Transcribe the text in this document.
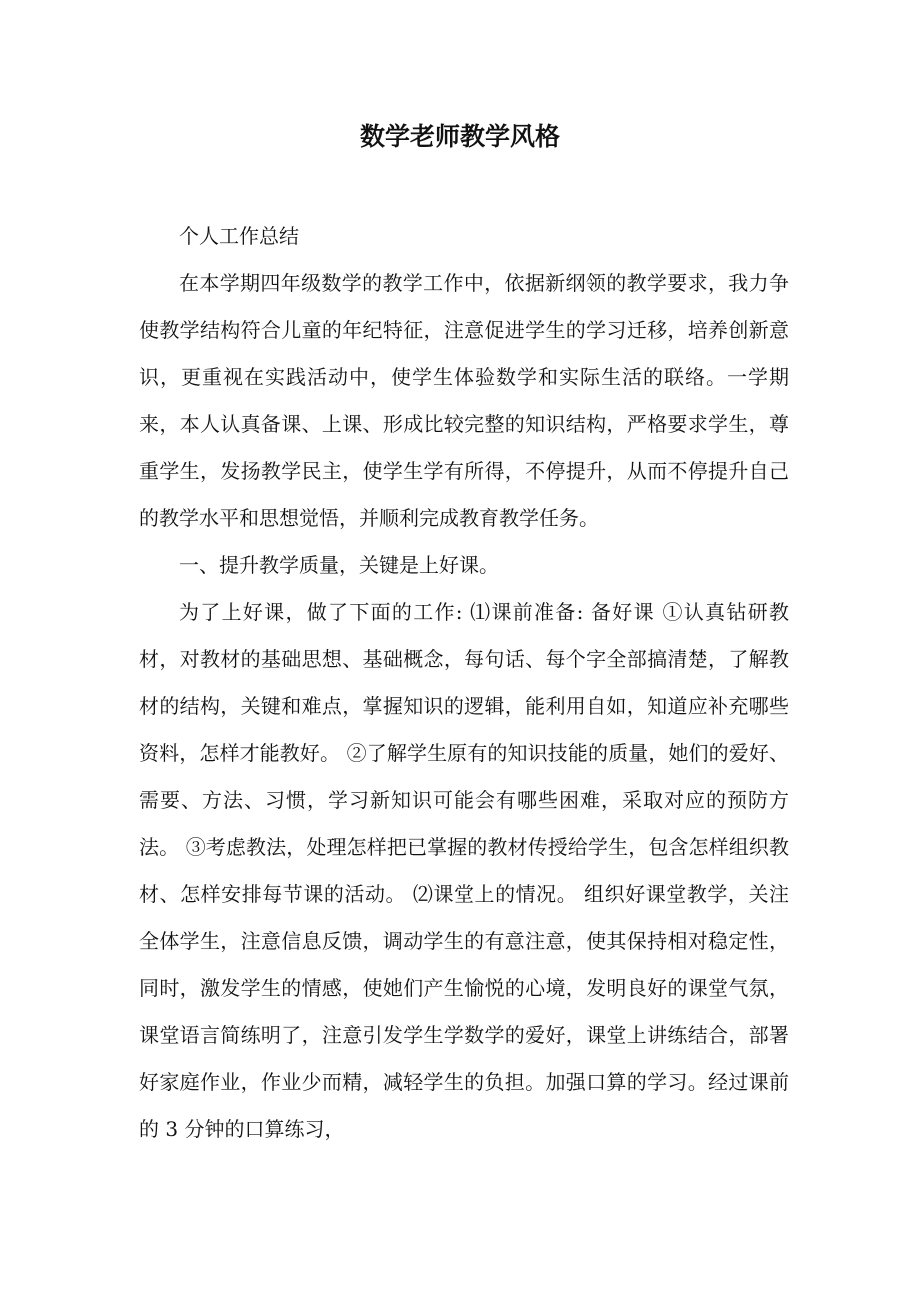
数学老师教学风格

个人工作总结

在本学期四年级数学的教学工作中，依据新纲领的教学要求，我力争使教学结构符合儿童的年纪特征，注意促进学生的学习迁移，培养创新意识，更重视在实践活动中，使学生体验数学和实际生活的联络。一学期来，本人认真备课、上课、形成比较完整的知识结构，严格要求学生，尊重学生，发扬教学民主，使学生学有所得，不停提升，从而不停提升自己的教学水平和思想觉悟，并顺利完成教育教学任务。

一、提升教学质量，关键是上好课。

为了上好课，做了下面的工作: ⑴课前准备: 备好课 ①认真钻研教材，对教材的基础思想、基础概念，每句话、每个字全部搞清楚，了解教材的结构，关键和难点，掌握知识的逻辑，能利用自如，知道应补充哪些资料，怎样才能教好。 ②了解学生原有的知识技能的质量，她们的爱好、需要、方法、习惯，学习新知识可能会有哪些困难，采取对应的预防方法。 ③考虑教法，处理怎样把已掌握的教材传授给学生，包含怎样组织教材、怎样安排每节课的活动。 ⑵课堂上的情况。 组织好课堂教学，关注全体学生，注意信息反馈，调动学生的有意注意，使其保持相对稳定性，同时，激发学生的情感，使她们产生愉悦的心境，发明良好的课堂气氛，课堂语言简练明了，注意引发学生学数学的爱好，课堂上讲练结合，部署好家庭作业，作业少而精，减轻学生的负担。加强口算的学习。经过课前的 3 分钟的口算练习，
